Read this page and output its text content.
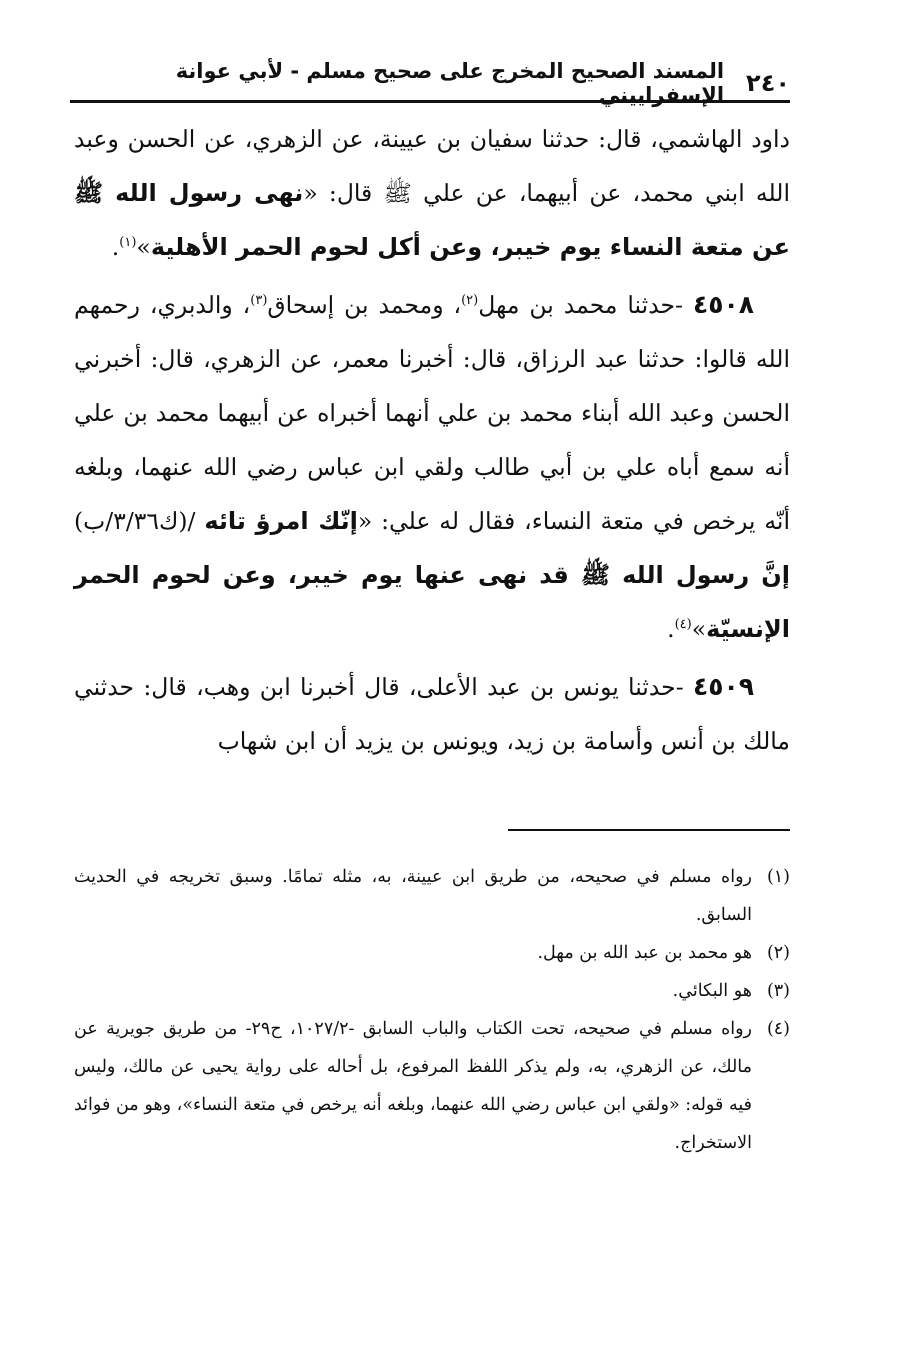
٢٤٠
المسند الصحيح المخرج على صحيح مسلم - لأبي عوانة الإسفراييني

داود الهاشمي، قال: حدثنا سفيان بن عيينة، عن الزهري، عن الحسن وعبد الله ابني محمد، عن أبيهما، عن علي ﷺ قال: «نهى رسول الله ﷺ عن متعة النساء يوم خيبر، وعن أكل لحوم الحمر الأهلية»$^{(١)}$.

٤٥٠٨ -حدثنا محمد بن مهل$^{(٢)}$، ومحمد بن إسحاق$^{(٣)}$، والدبري، رحمهم الله قالوا: حدثنا عبد الرزاق، قال: أخبرنا معمر، عن الزهري، قال: أخبرني الحسن وعبد الله أبناء محمد بن علي أنهما أخبراه عن أبيهما محمد بن علي أنه سمع أباه علي بن أبي طالب ولقي ابن عباس رضي الله عنهما، وبلغه أنّه يرخص في متعة النساء، فقال له علي: «إنّك امرؤ تائه /(ك٣/٣٦/ب) إنَّ رسول الله ﷺ قد نهى عنها يوم خيبر، وعن لحوم الحمر الإنسيّة»$^{(٤)}$.

٤٥٠٩ -حدثنا يونس بن عبد الأعلى، قال أخبرنا ابن وهب، قال: حدثني مالك بن أنس وأسامة بن زيد، ويونس بن يزيد أن ابن شهاب

(١)
رواه مسلم في صحيحه، من طريق ابن عيينة، به، مثله تمامًا. وسبق تخريجه في الحديث السابق.
(٢)
هو محمد بن عبد الله بن مهل.
(٣)
هو البكائي.
(٤)
رواه مسلم في صحيحه، تحت الكتاب والباب السابق -١٠٢٧/٢، ح٢٩- من طريق جويرية عن مالك، عن الزهري، به، ولم يذكر اللفظ المرفوع، بل أحاله على رواية يحيى عن مالك، وليس فيه قوله: «ولقي ابن عباس رضي الله عنهما، وبلغه أنه يرخص في متعة النساء»، وهو من فوائد الاستخراج.
